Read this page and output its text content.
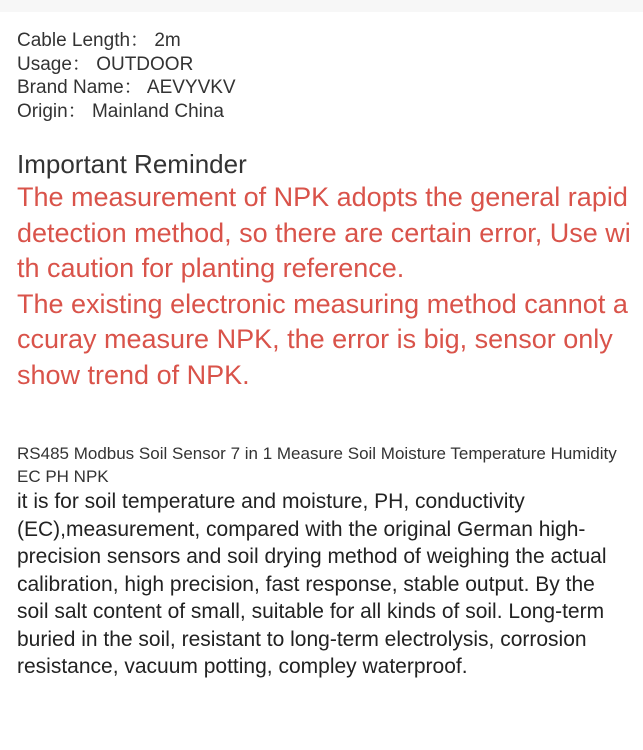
Cable Length： 2m
Usage： OUTDOOR
Brand Name： AEVYVKV
Origin： Mainland China
Important Reminder

The measurement of NPK adopts the general rapid detection method, so there are certain error, Use with caution for planting reference.

The existing electronic measuring method cannot accuray measure NPK, the error is big, sensor only show trend of NPK.

RS485 Modbus Soil Sensor 7 in 1 Measure Soil Moisture Temperature Humidity EC PH NPK
it is for soil temperature and moisture, PH, conductivity (EC),measurement, compared with the original German high-precision sensors and soil drying method of weighing the actual calibration, high precision, fast response, stable output. By the soil salt content of small, suitable for all kinds of soil. Long-term buried in the soil, resistant to long-term electrolysis, corrosion resistance, vacuum potting, compley waterproof.
